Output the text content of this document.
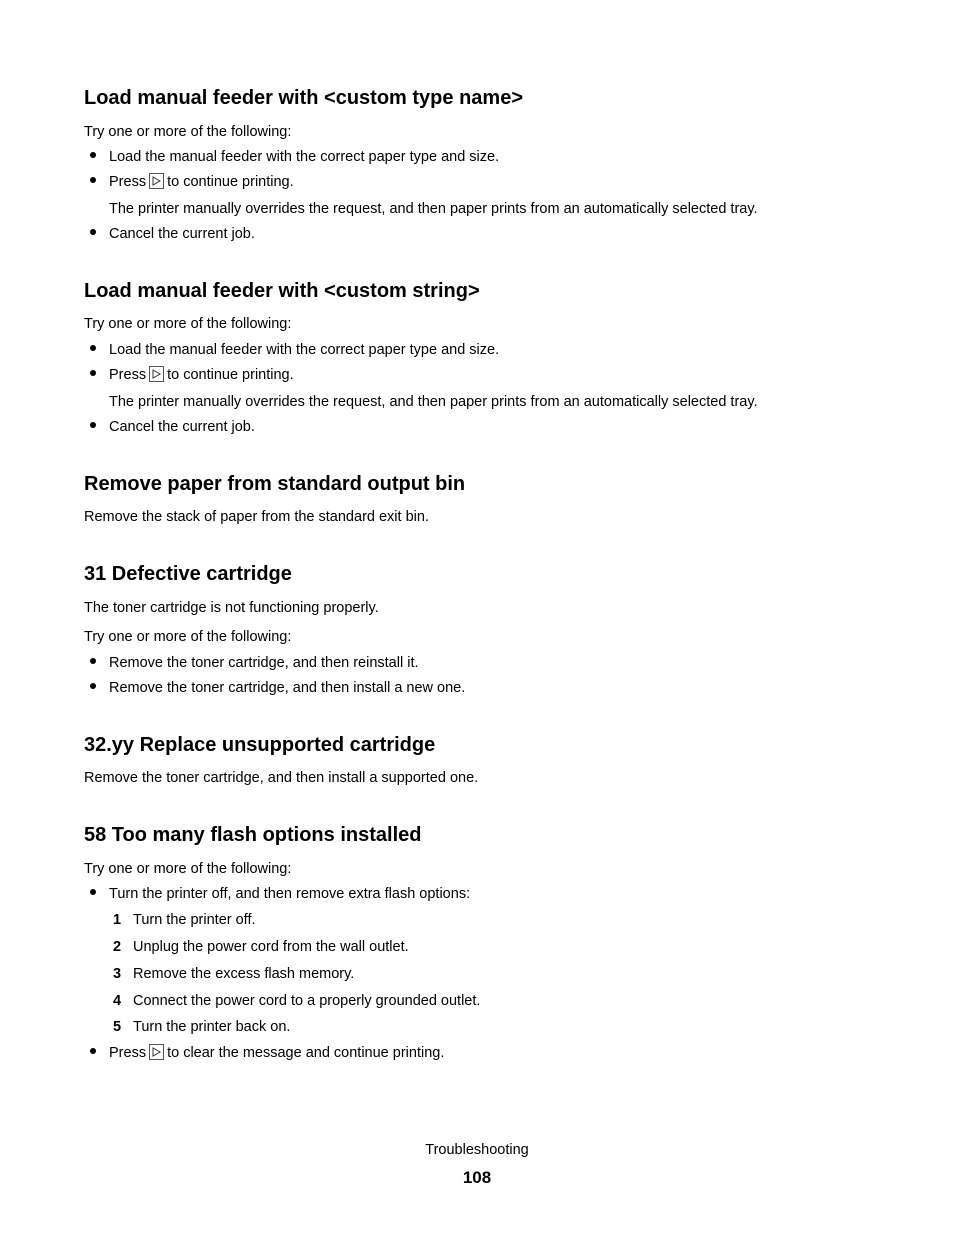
Load manual feeder with <custom type name>
Try one or more of the following:
Load the manual feeder with the correct paper type and size.
Press to continue printing.
The printer manually overrides the request, and then paper prints from an automatically selected tray.
Cancel the current job.
Load manual feeder with <custom string>
Try one or more of the following:
Load the manual feeder with the correct paper type and size.
Press to continue printing.
The printer manually overrides the request, and then paper prints from an automatically selected tray.
Cancel the current job.
Remove paper from standard output bin
Remove the stack of paper from the standard exit bin.
31 Defective cartridge
The toner cartridge is not functioning properly.
Try one or more of the following:
Remove the toner cartridge, and then reinstall it.
Remove the toner cartridge, and then install a new one.
32.yy Replace unsupported cartridge
Remove the toner cartridge, and then install a supported one.
58 Too many flash options installed
Try one or more of the following:
Turn the printer off, and then remove extra flash options:
1 Turn the printer off.
2 Unplug the power cord from the wall outlet.
3 Remove the excess flash memory.
4 Connect the power cord to a properly grounded outlet.
5 Turn the printer back on.
Press to clear the message and continue printing.
Troubleshooting
108
